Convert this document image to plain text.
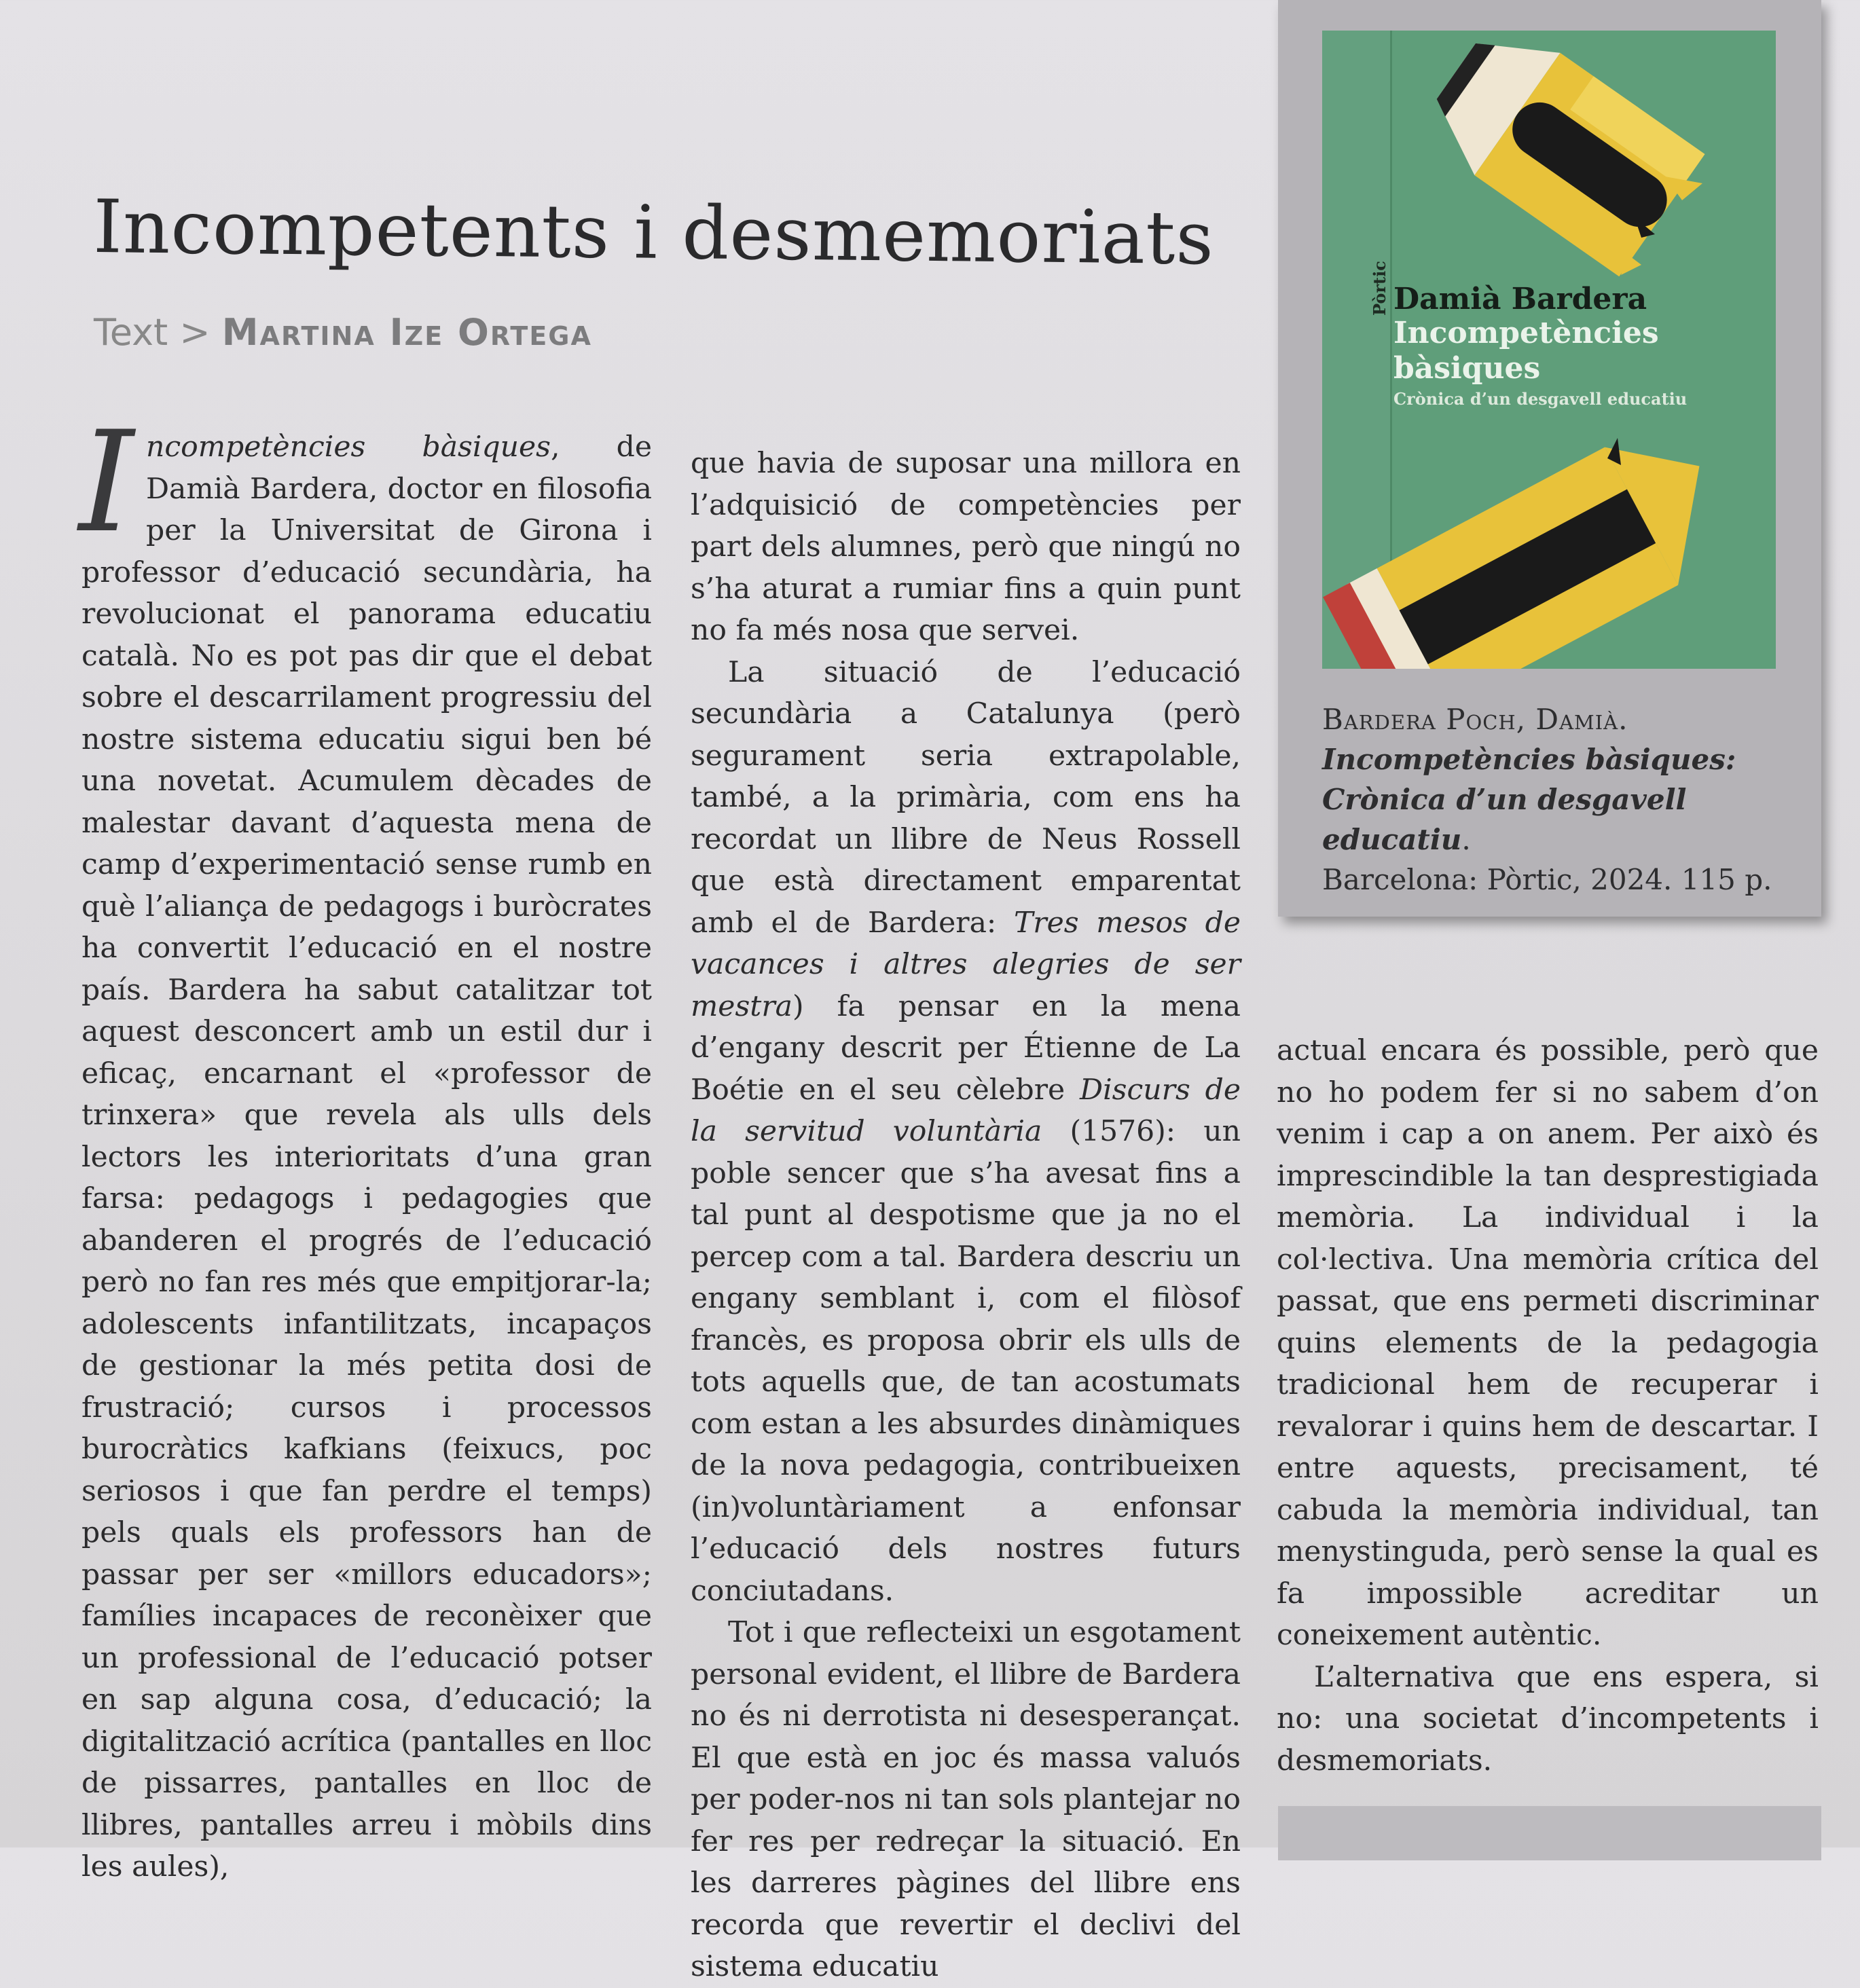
Incompetents i desmemoriats
Text > Martina Ize Ortega

Incompetències bàsiques, de Damià Bardera, doctor en filosofia per la Universitat de Girona i professor d’educació secundària, ha revolucionat el panorama educatiu català. No es pot pas dir que el debat sobre el descarrilament progressiu del nostre sistema educatiu sigui ben bé una novetat. Acumulem dècades de malestar davant d’aquesta mena de camp d’experimentació sense rumb en què l’aliança de pedagogs i buròcrates ha convertit l’educació en el nostre país. Bardera ha sabut catalitzar tot aquest desconcert amb un estil dur i eficaç, encarnant el «professor de trinxera» que revela als ulls dels lectors les interioritats d’una gran farsa: pedagogs i pedagogies que abanderen el progrés de l’educació però no fan res més que empitjorar-la; adolescents infantilitzats, incapaços de gestionar la més petita dosi de frustració; cursos i processos burocràtics kafkians (feixucs, poc seriosos i que fan perdre el temps) pels quals els professors han de passar per ser «millors educadors»; famílies incapaces de reconèixer que un professional de l’educació potser en sap alguna cosa, d’educació; la digitalització acrítica (pantalles en lloc de pissarres, pantalles en lloc de llibres, pantalles arreu i mòbils dins les aules),

que havia de suposar una millora en l’adquisició de competències per part dels alumnes, però que ningú no s’ha aturat a rumiar fins a quin punt no fa més nosa que servei.

La situació de l’educació secundària a Catalunya (però segurament seria extrapolable, també, a la primària, com ens ha recordat un llibre de Neus Rossell que està directament emparentat amb el de Bardera: Tres mesos de vacances i altres alegries de ser mestra) fa pensar en la mena d’engany descrit per Étienne de La Boétie en el seu cèlebre Discurs de la servitud voluntària (1576): un poble sencer que s’ha avesat fins a tal punt al despotisme que ja no el percep com a tal. Bardera descriu un engany semblant i, com el filòsof francès, es proposa obrir els ulls de tots aquells que, de tan acostumats com estan a les absurdes dinàmiques de la nova pedagogia, contribueixen (in)voluntàriament a enfonsar l’educació dels nostres futurs conciutadans.

Tot i que reflecteixi un esgotament personal evident, el llibre de Bardera no és ni derrotista ni desesperançat. El que està en joc és massa valuós per poder-nos ni tan sols plantejar no fer res per redreçar la situació. En les darreres pàgines del llibre ens recorda que revertir el declivi del sistema educatiu

actual encara és possible, però que no ho podem fer si no sabem d’on venim i cap a on anem. Per això és imprescindible la tan desprestigiada memòria. La individual i la col·lectiva. Una memòria crítica del passat, que ens permeti discriminar quins elements de la pedagogia tradicional hem de recuperar i revalorar i quins hem de descartar. I entre aquests, precisament, té cabuda la memòria individual, tan menystinguda, però sense la qual es fa impossible acreditar un coneixement autèntic.

L’alternativa que ens espera, si no: una societat d’incompetents i desmemoriats.

Pòrtic Damià Bardera
Incompetències bàsiques
Crònica d’un desgavell educatiu
Bardera Poch, Damià.
Incompetències bàsiques: Crònica d’un desgavell educatiu.
Barcelona: Pòrtic, 2024. 115 p.
